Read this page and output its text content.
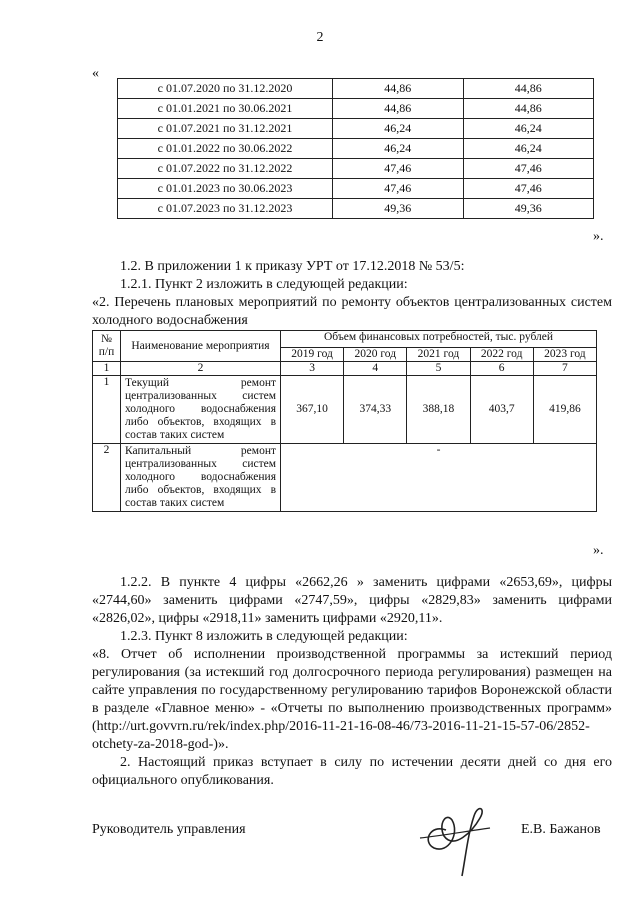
2
«
с 01.07.2020 по 31.12.2020	44,86	44,86
с 01.01.2021 по 30.06.2021	44,86	44,86
с 01.07.2021 по 31.12.2021	46,24	46,24
с 01.01.2022 по 30.06.2022	46,24	46,24
с 01.07.2022 по 31.12.2022	47,46	47,46
с 01.01.2023 по 30.06.2023	47,46	47,46
с 01.07.2023 по 31.12.2023	49,36	49,36
».
1.2. В приложении 1 к приказу УРТ от 17.12.2018 № 53/5:
1.2.1. Пункт 2 изложить в следующей редакции:
«2. Перечень плановых мероприятий по ремонту объектов централизованных систем холодного водоснабжения
№ п/п	Наименование мероприятия	Объем финансовых потребностей, тыс. рублей				
		2019 год	2020 год	2021 год	2022 год	2023 год
1	2	3	4	5	6	7
1	Текущий ремонт централизованных систем холодного водоснабжения либо объектов, входящих в состав таких систем	367,10	374,33	388,18	403,7	419,86
2	Капитальный ремонт централизованных систем холодного водоснабжения либо объектов, входящих в состав таких систем	-				
».
1.2.2. В пункте 4 цифры «2662,26 » заменить цифрами «2653,69», цифры «2744,60» заменить цифрами «2747,59», цифры «2829,83» заменить цифрами «2826,02», цифры «2918,11» заменить цифрами «2920,11».
1.2.3. Пункт 8 изложить в следующей редакции:
«8. Отчет об исполнении производственной программы за истекший период регулирования (за истекший год долгосрочного периода регулирования) размещен на сайте управления по государственному регулированию тарифов Воронежской области в разделе «Главное меню» - «Отчеты по выполнению производственных программ» (http://urt.govvrn.ru/rek/index.php/2016-11-21-16-08-46/73-2016-11-21-15-57-06/2852-otchety-za-2018-god-)».
2. Настоящий приказ вступает в силу по истечении десяти дней со дня его официального опубликования.
Руководитель управления	Е.В. Бажанов
